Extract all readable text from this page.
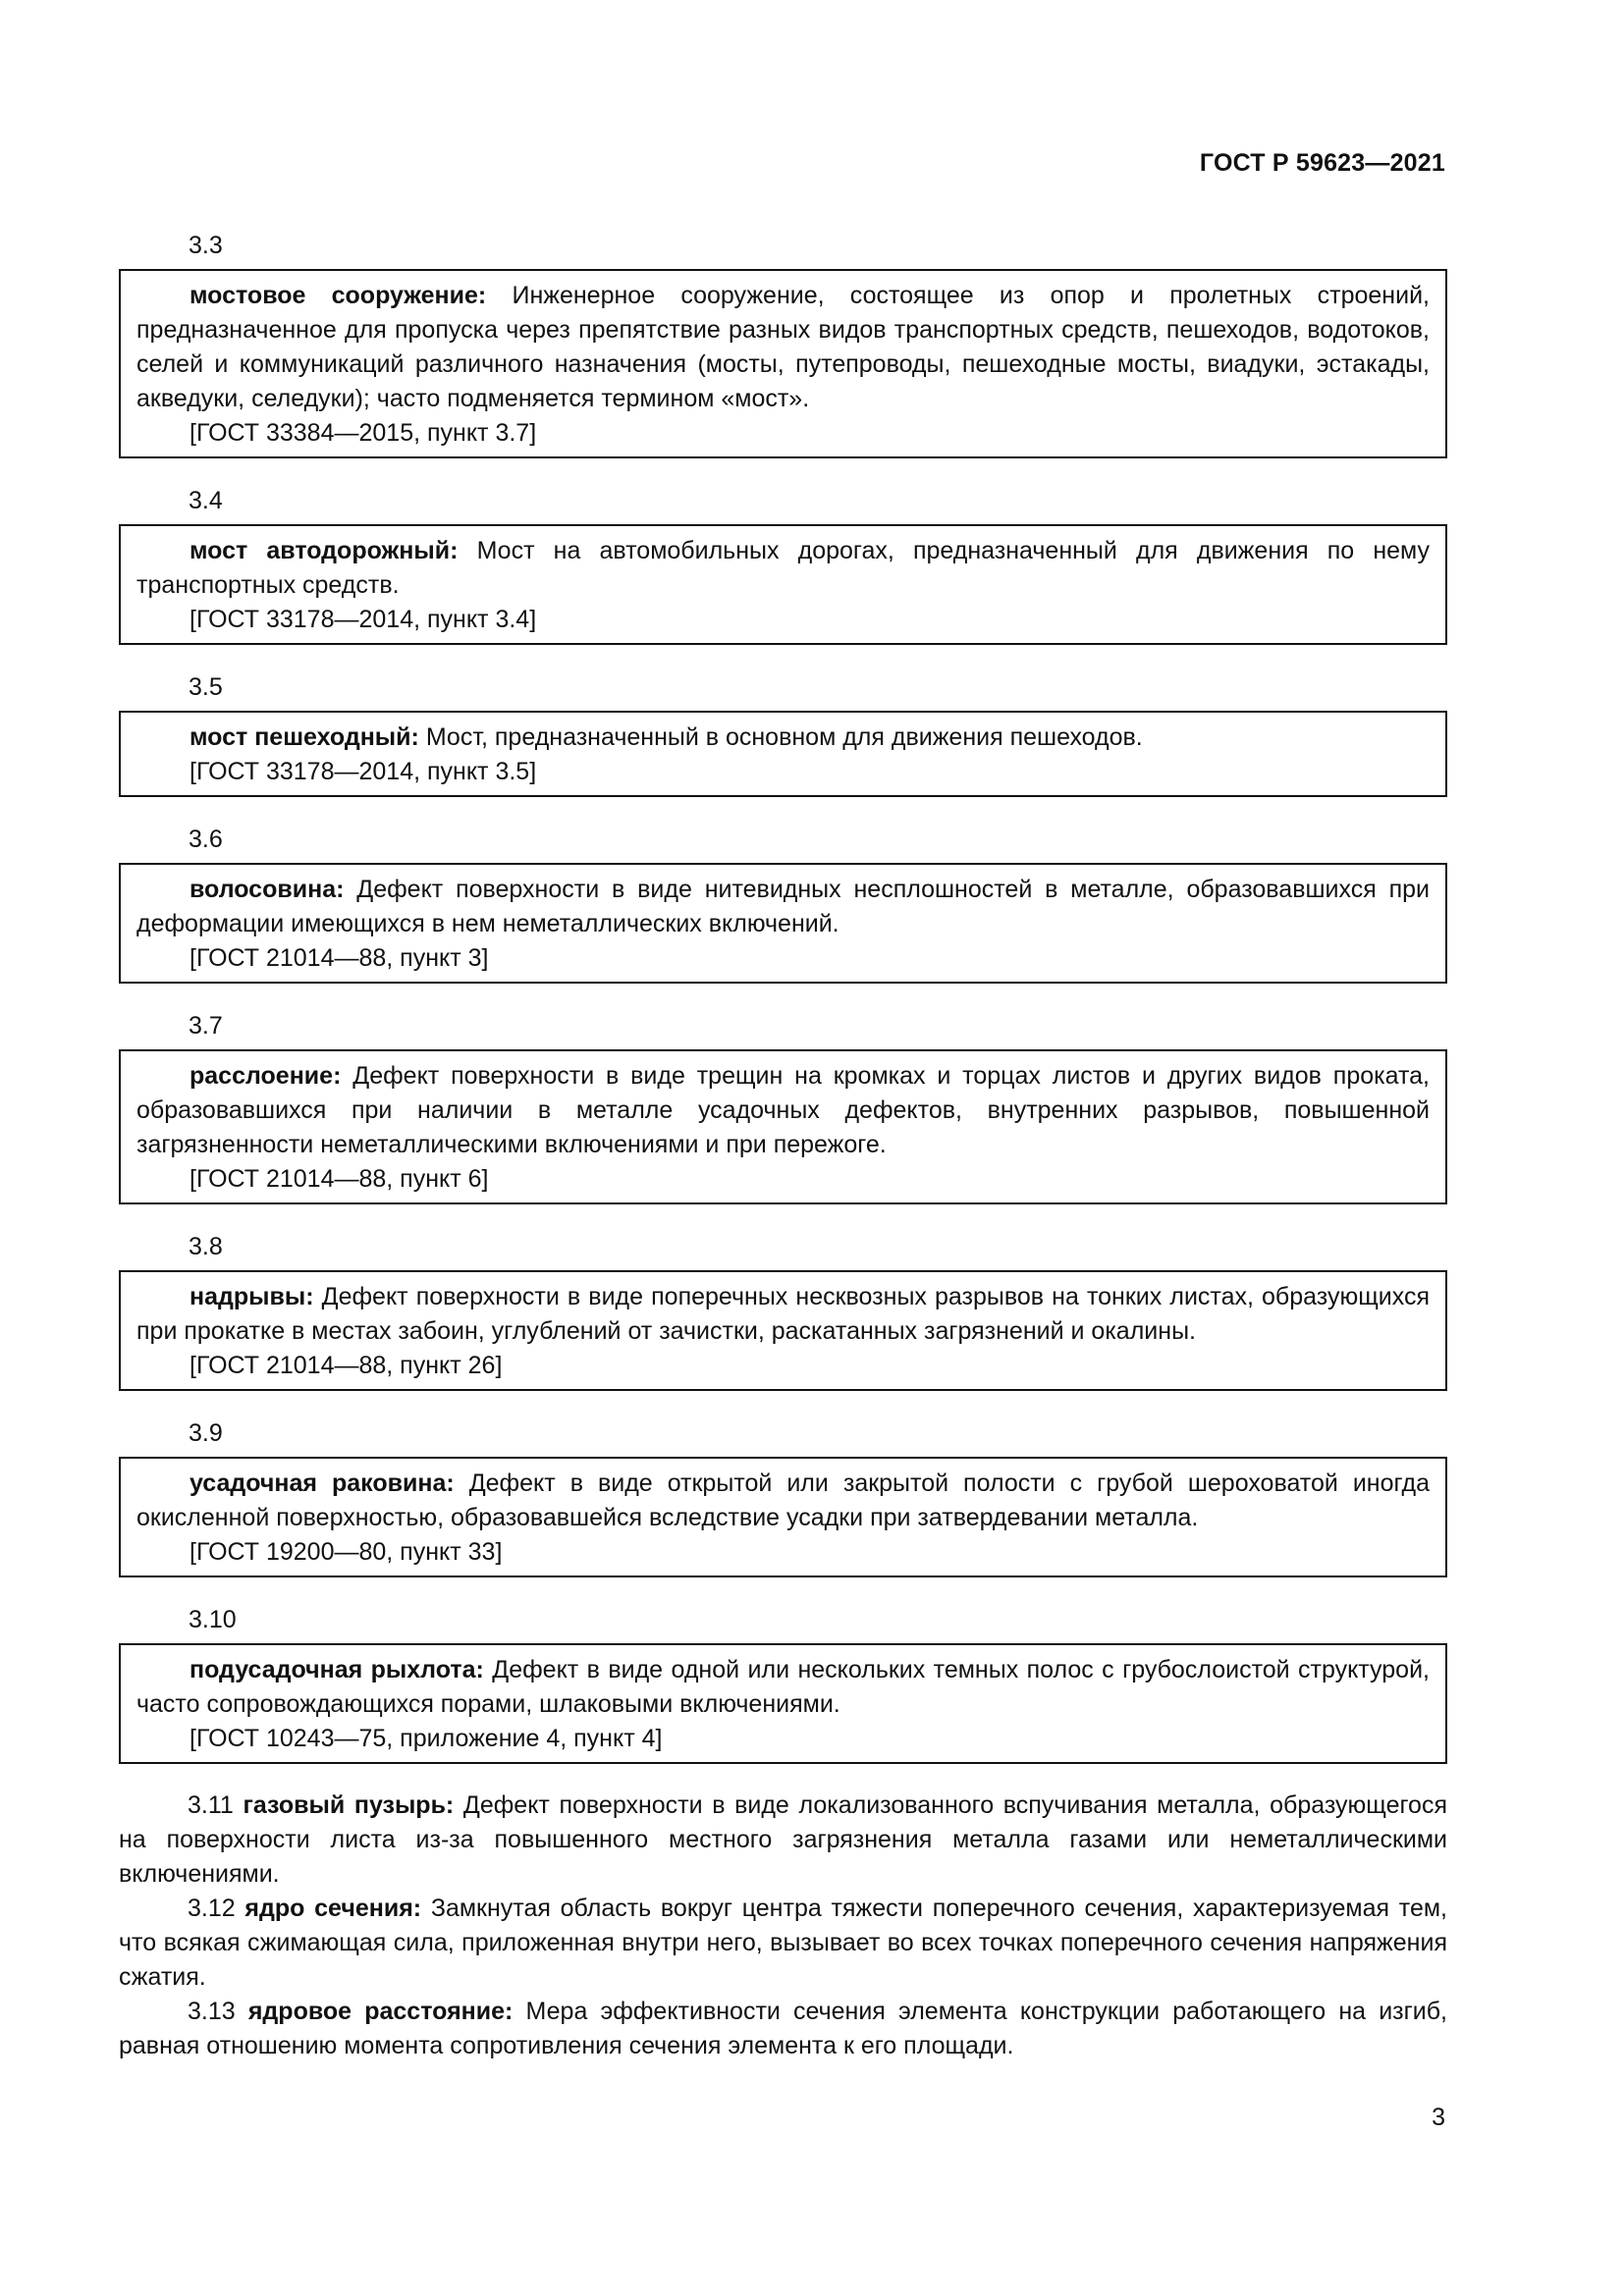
ГОСТ Р 59623—2021
3.3

мостовое сооружение: Инженерное сооружение, состоящее из опор и пролетных строений, предназначенное для пропуска через препятствие разных видов транспортных средств, пешеходов, водотоков, селей и коммуникаций различного назначения (мосты, путепроводы, пешеходные мосты, виадуки, эстакады, акведуки, селедуки); часто подменяется термином «мост».

[ГОСТ 33384—2015, пункт 3.7]

3.4

мост автодорожный: Мост на автомобильных дорогах, предназначенный для движения по нему транспортных средств.

[ГОСТ 33178—2014, пункт 3.4]

3.5

мост пешеходный: Мост, предназначенный в основном для движения пешеходов.

[ГОСТ 33178—2014, пункт 3.5]

3.6

волосовина: Дефект поверхности в виде нитевидных несплошностей в металле, образовавшихся при деформации имеющихся в нем неметаллических включений.

[ГОСТ 21014—88, пункт 3]

3.7

расслоение: Дефект поверхности в виде трещин на кромках и торцах листов и других видов проката, образовавшихся при наличии в металле усадочных дефектов, внутренних разрывов, повышенной загрязненности неметаллическими включениями и при пережоге.

[ГОСТ 21014—88, пункт 6]

3.8

надрывы: Дефект поверхности в виде поперечных несквозных разрывов на тонких листах, образующихся при прокатке в местах забоин, углублений от зачистки, раскатанных загрязнений и окалины.

[ГОСТ 21014—88, пункт 26]

3.9

усадочная раковина: Дефект в виде открытой или закрытой полости с грубой шероховатой иногда окисленной поверхностью, образовавшейся вследствие усадки при затвердевании металла.

[ГОСТ 19200—80, пункт 33]

3.10

подусадочная рыхлота: Дефект в виде одной или нескольких темных полос с грубослоистой структурой, часто сопровождающихся порами, шлаковыми включениями.

[ГОСТ 10243—75, приложение 4, пункт 4]

3.11 газовый пузырь: Дефект поверхности в виде локализованного вспучивания металла, образующегося на поверхности листа из-за повышенного местного загрязнения металла газами или неметаллическими включениями.

3.12 ядро сечения: Замкнутая область вокруг центра тяжести поперечного сечения, характеризуемая тем, что всякая сжимающая сила, приложенная внутри него, вызывает во всех точках поперечного сечения напряжения сжатия.

3.13 ядровое расстояние: Мера эффективности сечения элемента конструкции работающего на изгиб, равная отношению момента сопротивления сечения элемента к его площади.

3
